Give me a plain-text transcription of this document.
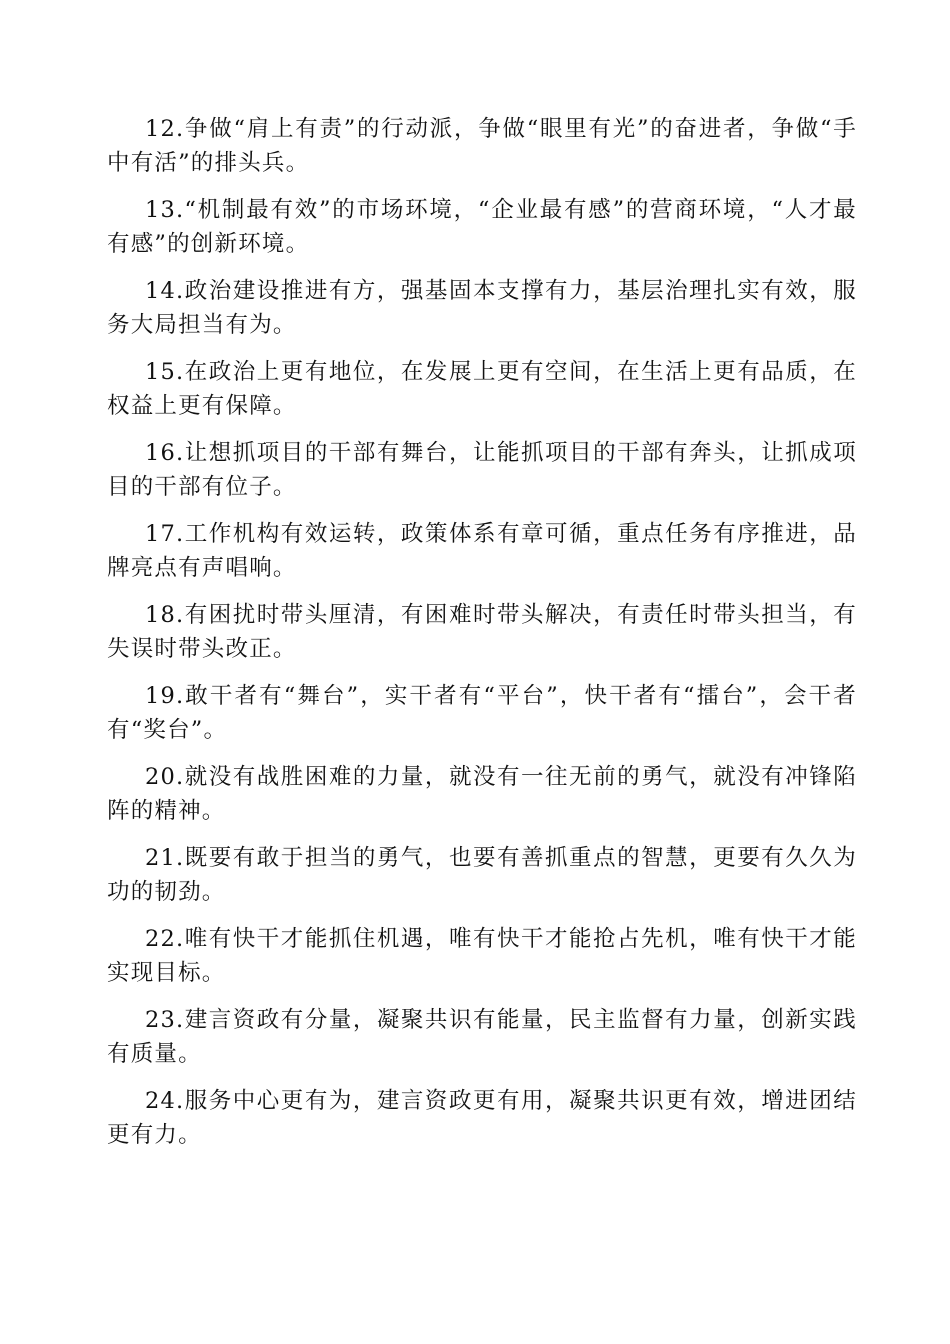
12.争做“肩上有责”的行动派，争做“眼里有光”的奋进者，争做“手中有活”的排头兵。

13.“机制最有效”的市场环境，“企业最有感”的营商环境，“人才最有感”的创新环境。

14.政治建设推进有方，强基固本支撑有力，基层治理扎实有效，服务大局担当有为。

15.在政治上更有地位，在发展上更有空间，在生活上更有品质，在权益上更有保障。

16.让想抓项目的干部有舞台，让能抓项目的干部有奔头，让抓成项目的干部有位子。

17.工作机构有效运转，政策体系有章可循，重点任务有序推进，品牌亮点有声唱响。

18.有困扰时带头厘清，有困难时带头解决，有责任时带头担当，有失误时带头改正。

19.敢干者有“舞台”，实干者有“平台”，快干者有“擂台”，会干者有“奖台”。

20.就没有战胜困难的力量，就没有一往无前的勇气，就没有冲锋陷阵的精神。

21.既要有敢于担当的勇气，也要有善抓重点的智慧，更要有久久为功的韧劲。

22.唯有快干才能抓住机遇，唯有快干才能抢占先机，唯有快干才能实现目标。

23.建言资政有分量，凝聚共识有能量，民主监督有力量，创新实践有质量。

24.服务中心更有为，建言资政更有用，凝聚共识更有效，增进团结更有力。
